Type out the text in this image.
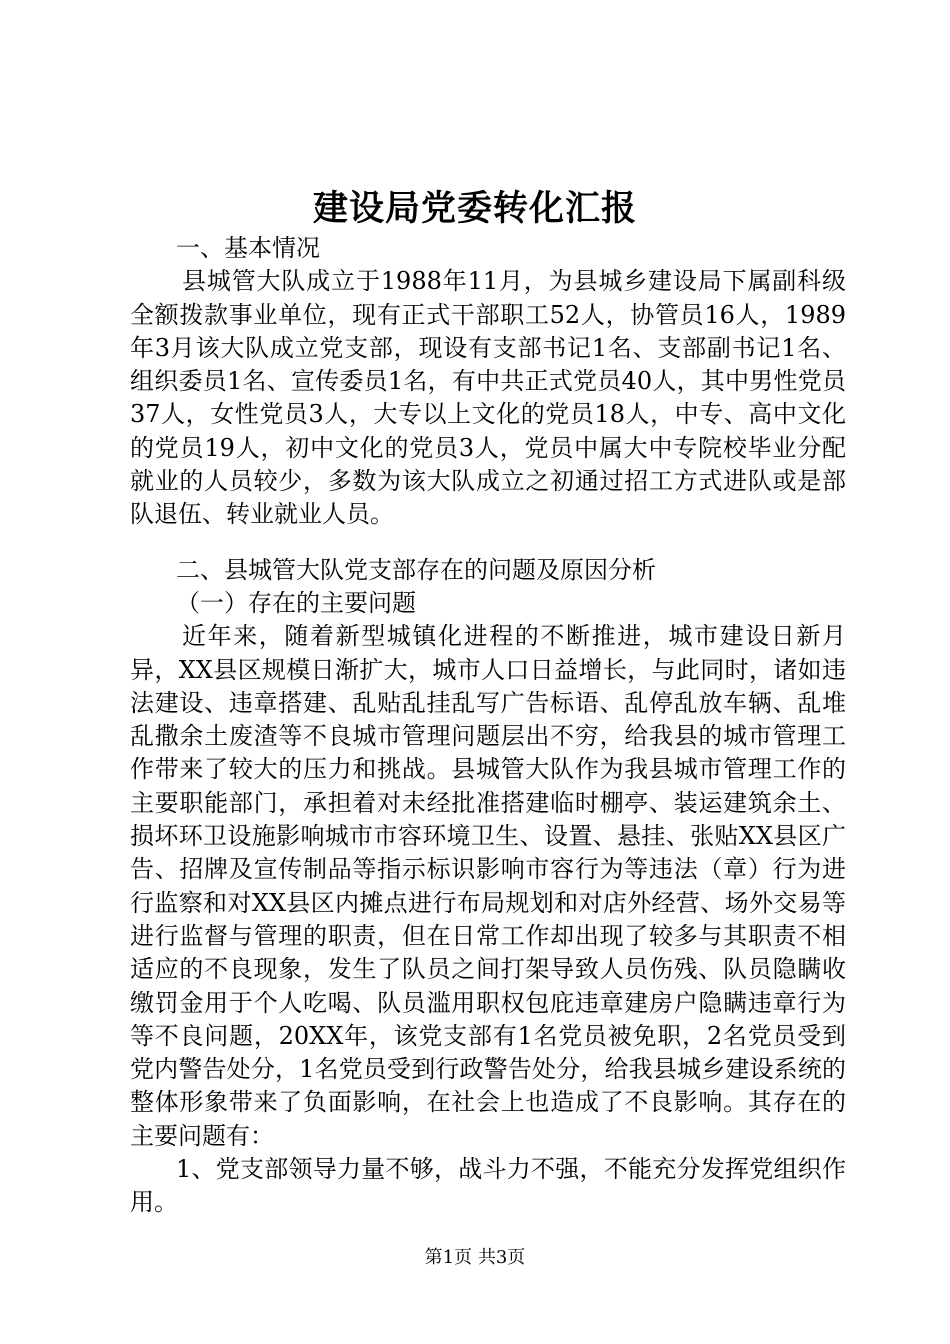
建设局党委转化汇报

一、基本情况

县城管大队成立于1988年11月，为县城乡建设局下属副科级全额拨款事业单位，现有正式干部职工52人，协管员16人，1989年3月该大队成立党支部，现设有支部书记1名、支部副书记1名、组织委员1名、宣传委员1名，有中共正式党员40人，其中男性党员37人，女性党员3人，大专以上文化的党员18人，中专、高中文化的党员19人，初中文化的党员3人，党员中属大中专院校毕业分配就业的人员较少，多数为该大队成立之初通过招工方式进队或是部队退伍、转业就业人员。

二、县城管大队党支部存在的问题及原因分析

（一）存在的主要问题

近年来，随着新型城镇化进程的不断推进，城市建设日新月异，XX县区规模日渐扩大，城市人口日益增长，与此同时，诸如违法建设、违章搭建、乱贴乱挂乱写广告标语、乱停乱放车辆、乱堆乱撒余土废渣等不良城市管理问题层出不穷，给我县的城市管理工作带来了较大的压力和挑战。县城管大队作为我县城市管理工作的主要职能部门，承担着对未经批准搭建临时棚亭、装运建筑余土、损坏环卫设施影响城市市容环境卫生、设置、悬挂、张贴XX县区广告、招牌及宣传制品等指示标识影响市容行为等违法（章）行为进行监察和对XX县区内摊点进行布局规划和对店外经营、场外交易等进行监督与管理的职责，但在日常工作却出现了较多与其职责不相适应的不良现象，发生了队员之间打架导致人员伤残、队员隐瞒收缴罚金用于个人吃喝、队员滥用职权包庇违章建房户隐瞒违章行为等不良问题，20XX年，该党支部有1名党员被免职，2名党员受到党内警告处分，1名党员受到行政警告处分，给我县城乡建设系统的整体形象带来了负面影响，在社会上也造成了不良影响。其存在的主要问题有：

1、党支部领导力量不够，战斗力不强，不能充分发挥党组织作用。

第1页 共3页
